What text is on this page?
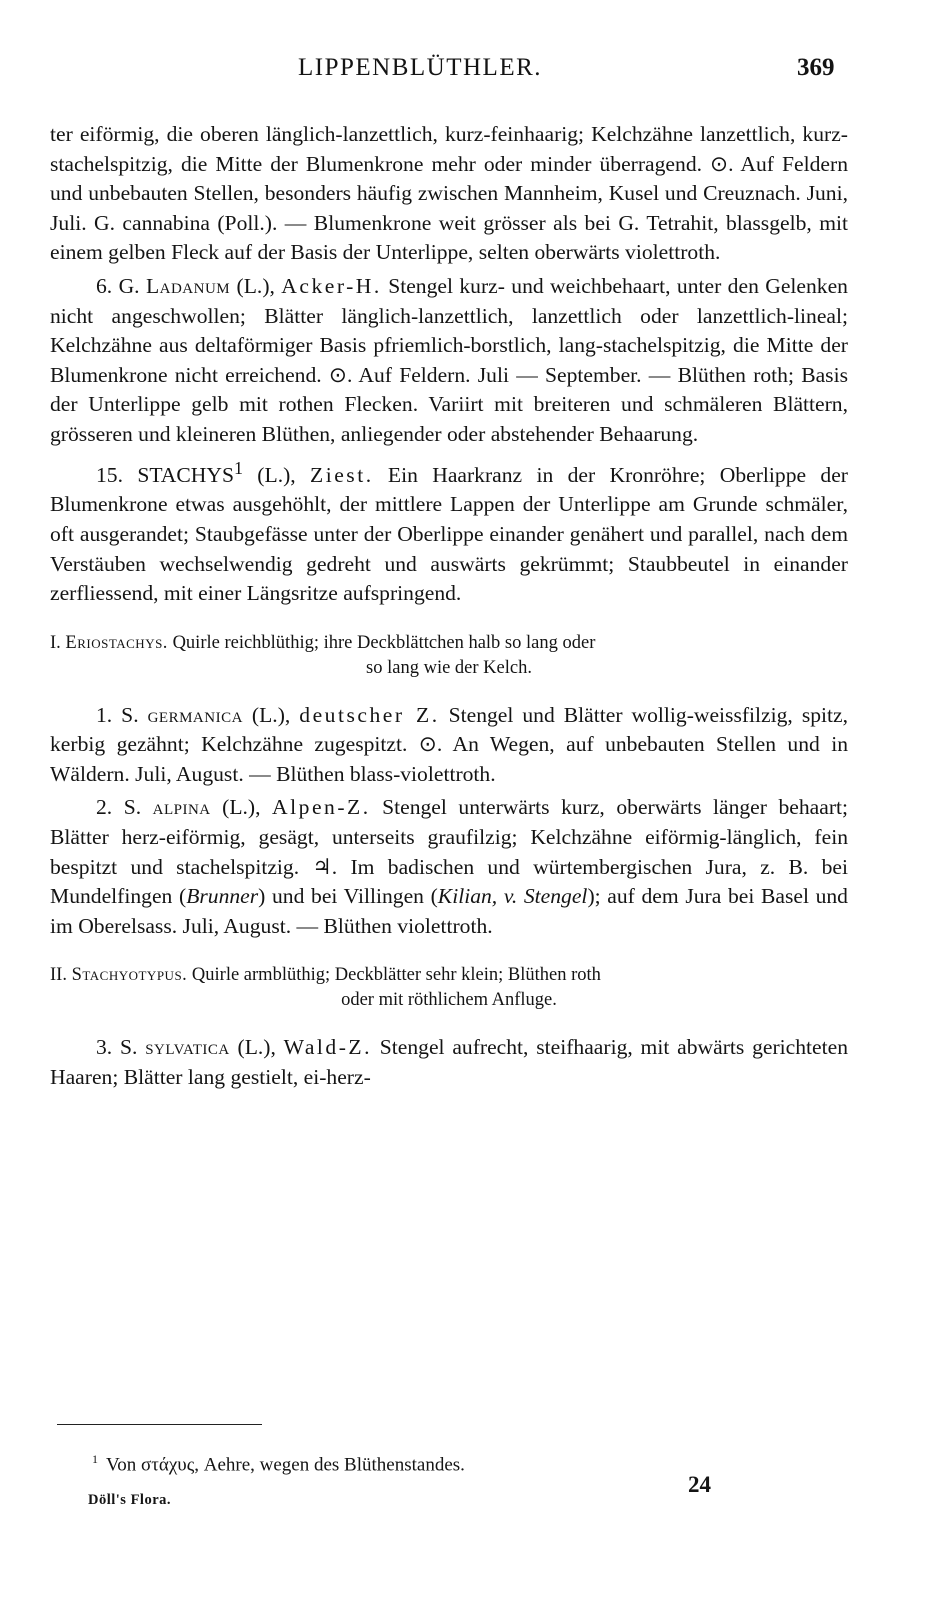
LIPPENBLÜTHLER.	369

ter eiförmig, die oberen länglich-lanzettlich, kurz-feinhaarig; Kelchzähne lanzettlich, kurz-stachelspitzig, die Mitte der Blumenkrone mehr oder minder überragend. ⊙. Auf Feldern und unbebauten Stellen, besonders häufig zwischen Mannheim, Kusel und Creuznach. Juni, Juli. G. cannabina (Poll.). — Blumenkrone weit grösser als bei G. Tetrahit, blassgelb, mit einem gelben Fleck auf der Basis der Unterlippe, selten oberwärts violettroth.

6. G. Ladanum (L.), Acker-H. Stengel kurz- und weichbehaart, unter den Gelenken nicht angeschwollen; Blätter länglich-lanzettlich, lanzettlich oder lanzettlich-lineal; Kelchzähne aus deltaförmiger Basis pfriemlich-borstlich, lang-stachelspitzig, die Mitte der Blumenkrone nicht erreichend. ⊙. Auf Feldern. Juli — September. — Blüthen roth; Basis der Unterlippe gelb mit rothen Flecken. Variirt mit breiteren und schmäleren Blättern, grösseren und kleineren Blüthen, anliegender oder abstehender Behaarung.

15. STACHYS$^1$ (L.), Ziest. Ein Haarkranz in der Kronröhre; Oberlippe der Blumenkrone etwas ausgehöhlt, der mittlere Lappen der Unterlippe am Grunde schmäler, oft ausgerandet; Staubgefässe unter der Oberlippe einander genähert und parallel, nach dem Verstäuben wechselwendig gedreht und auswärts gekrümmt; Staubbeutel in einander zerfliessend, mit einer Längsritze aufspringend.

I. Eriostachys. Quirle reichblüthig; ihre Deckblättchen halb so lang oder
so lang wie der Kelch.

1. S. germanica (L.), deutscher Z. Stengel und Blätter wollig-weissfilzig, spitz, kerbig gezähnt; Kelchzähne zugespitzt. ⊙. An Wegen, auf unbebauten Stellen und in Wäldern. Juli, August. — Blüthen blass-violettroth.

2. S. alpina (L.), Alpen-Z. Stengel unterwärts kurz, oberwärts länger behaart; Blätter herz-eiförmig, gesägt, unterseits graufilzig; Kelchzähne eiförmig-länglich, fein bespitzt und stachelspitzig. ♃. Im badischen und würtembergischen Jura, z. B. bei Mundelfingen (Brunner) und bei Villingen (Kilian, v. Stengel); auf dem Jura bei Basel und im Oberelsass. Juli, August. — Blüthen violettroth.

II. Stachyotypus. Quirle armblüthig; Deckblätter sehr klein; Blüthen roth
oder mit röthlichem Anfluge.

3. S. sylvatica (L.), Wald-Z. Stengel aufrecht, steifhaarig, mit abwärts gerichteten Haaren; Blätter lang gestielt, ei-herz-

$^1$ Von στάχυς, Aehre, wegen des Blüthenstandes.
Döll's Flora.
24
